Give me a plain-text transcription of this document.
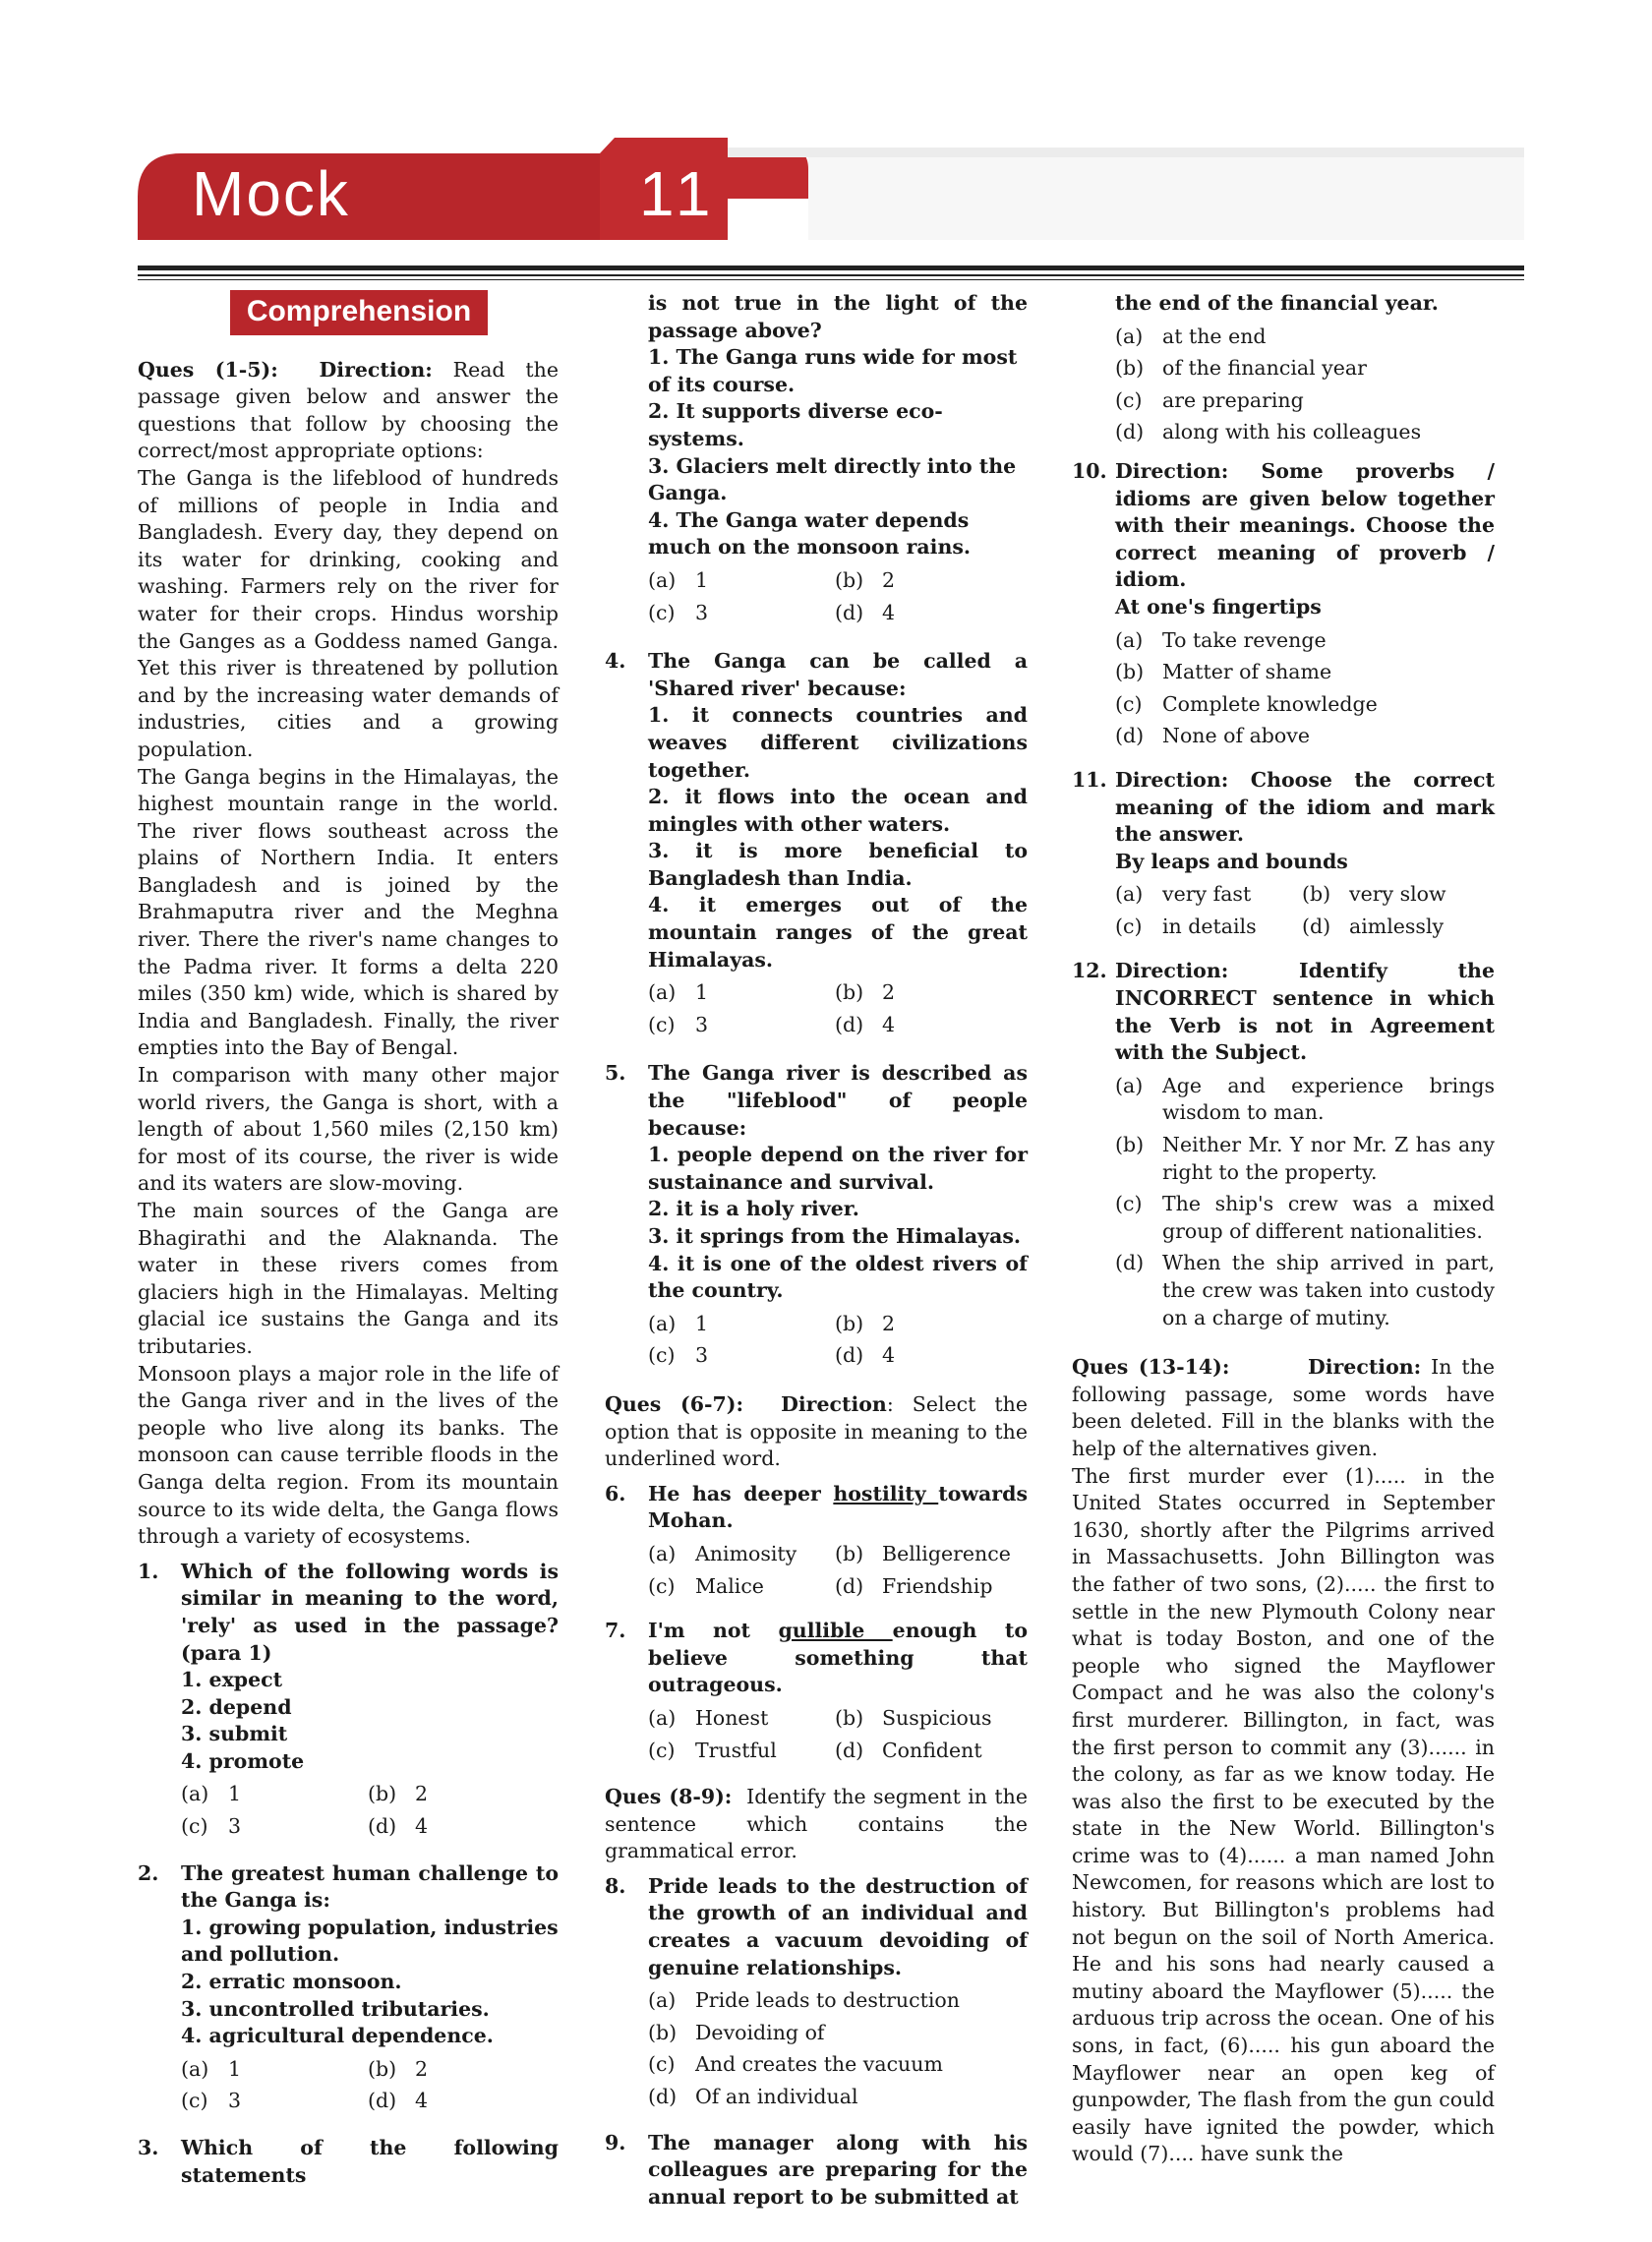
Mock	11
Comprehension

Ques (1-5): Direction: Read the passage given below and answer the questions that follow by choosing the correct/most appropriate options:

The Ganga is the lifeblood of hundreds of millions of people in India and Bangladesh. Every day, they depend on its water for drinking, cooking and washing. Farmers rely on the river for water for their crops. Hindus worship the Ganges as a Goddess named Ganga. Yet this river is threatened by pollution and by the increasing water demands of industries, cities and a growing population.

The Ganga begins in the Himalayas, the highest mountain range in the world. The river flows southeast across the plains of Northern India. It enters Bangladesh and is joined by the Brahmaputra river and the Meghna river. There the river's name changes to the Padma river. It forms a delta 220 miles (350 km) wide, which is shared by India and Bangladesh. Finally, the river empties into the Bay of Bengal.

In comparison with many other major world rivers, the Ganga is short, with a length of about 1,560 miles (2,150 km) for most of its course, the river is wide and its waters are slow-moving.

The main sources of the Ganga are Bhagirathi and the Alaknanda. The water in these rivers comes from glaciers high in the Himalayas. Melting glacial ice sustains the Ganga and its tributaries.

Monsoon plays a major role in the life of the Ganga river and in the lives of the people who live along its banks. The monsoon can cause terrible floods in the Ganga delta region. From its mountain source to its wide delta, the Ganga flows through a variety of ecosystems.

1.	Which of the following words is similar in meaning to the word, 'rely' as used in the passage? (para 1)
1. expect
2. depend
3. submit
4. promote
(a) 1	(b) 2
(c)	3	(d) 4
2.	The greatest human challenge to the Ganga is:
1. growing population, industries and pollution.
2. erratic monsoon.
3. uncontrolled tributaries.
4. agricultural dependence.
(a) 1	(b) 2
(c)	3	(d) 4
3.	Which of the following statements
is not true in the light of the passage above?
1. The Ganga runs wide for most of its course.
2. It supports diverse eco-systems.
3. Glaciers melt directly into the Ganga.
4. The Ganga water depends much on the monsoon rains.
(a) 1	(b) 2
(c)	3	(d) 4
4.	The Ganga can be called a 'Shared river' because:
1. it connects countries and weaves different civilizations together.
2. it flows into the ocean and mingles with other waters.
3. it is more beneficial to Bangladesh than India.
4. it emerges out of the mountain ranges of the great Himalayas.
(a) 1	(b) 2
(c)	3	(d) 4
5.	The Ganga river is described as the "lifeblood" of people because:
1. people depend on the river for sustainance and survival.
2. it is a holy river.
3. it springs from the Himalayas.
4. it is one of the oldest rivers of the country.
(a) 1	(b) 2
(c)	3	(d) 4

Ques (6-7): Direction: Select the option that is opposite in meaning to the underlined word.

6.	He has deeper hostility towards Mohan.
(a) Animosity (b) Belligerence
(c)	Malice	(d) Friendship
7.	I'm not gullible enough to believe something that outrageous.
(a) Honest	(b) Suspicious
(c)	Trustful	(d) Confident

Ques (8-9): Identify the segment in the sentence which contains the grammatical error.

8.	Pride leads to the destruction of the growth of an individual and creates a vacuum devoiding of genuine relationships.
(a) Pride leads to destruction
(b) Devoiding of
(c)	And creates the vacuum
(d) Of an individual
9.	The manager along with his colleagues are preparing for the annual report to be submitted at
the end of the financial year.
(a) at the end
(b) of the financial year
(c)	are preparing
(d) along with his colleagues
10. Direction: Some proverbs / idioms are given below together with their meanings. Choose the correct meaning of proverb / idiom.
At one's fingertips
(a) To take revenge
(b) Matter of shame
(c)	Complete knowledge
(d) None of above
11. Direction: Choose the correct meaning of the idiom and mark the answer.
By leaps and bounds
(a) very fast	(b) very slow
(c)	in details (d) aimlessly
12. Direction: Identify the INCORRECT sentence in which the Verb is not in Agreement with the Subject.
(a) Age and experience brings wisdom to man.
(b) Neither Mr. Y nor Mr. Z has any right to the property.
(c)	The ship's crew was a mixed group of different nationalities.
(d) When the ship arrived in part, the crew was taken into custody on a charge of mutiny.

Ques (13-14):	Direction: In the following passage, some words have been deleted. Fill in the blanks with the help of the alternatives given.

The first murder ever (1)..... in the United States occurred in September 1630, shortly after the Pilgrims arrived in Massachusetts. John Billington was the father of two sons, (2)..... the first to settle in the new Plymouth Colony near what is today Boston, and one of the people who signed the Mayflower Compact and he was also the colony's first murderer. Billington, in fact, was the first person to commit any (3)...... in the colony, as far as we know today. He was also the first to be executed by the state in the New World. Billington's crime was to (4)...... a man named John Newcomen, for reasons which are lost to history. But Billington's problems had not begun on the soil of North America. He and his sons had nearly caused a mutiny aboard the Mayflower (5)..... the arduous trip across the ocean. One of his sons, in fact, (6)..... his gun aboard the Mayflower near an open keg of gunpowder, The flash from the gun could easily have ignited the powder, which would (7).... have sunk the
